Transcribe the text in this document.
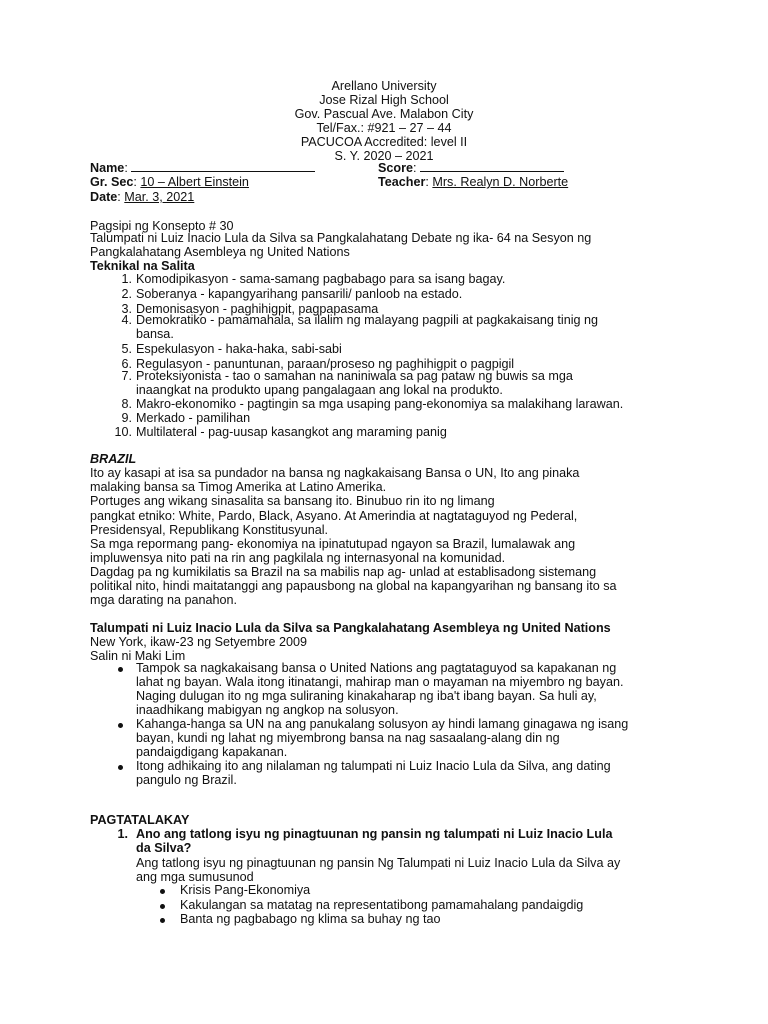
Arellano University
Jose Rizal High School
Gov. Pascual Ave. Malabon City
Tel/Fax.: #921 – 27 – 44
PACUCOA Accredited: level II
S. Y. 2020 – 2021
Name:	Score:
Gr. Sec: 10 – Albert Einstein	Teacher: Mrs. Realyn D. Norberte
Date: Mar. 3, 2021
Pagsipi ng Konsepto # 30
Talumpati ni Luiz Inacio Lula da Silva sa Pangkalahatang Debate ng ika- 64 na Sesyon ng
Pangkalahatang Asembleya ng United Nations
Teknikal na Salita
1. Komodipikasyon - sama-samang pagbabago para sa isang bagay.
2. Soberanya - kapangyarihang pansarili/ panloob na estado.
3. Demonisasyon - paghihigpit, pagpapasama
4. Demokratiko - pamamahala, sa ilalim ng malayang pagpili at pagkakaisang tinig ng
bansa.
5. Espekulasyon - haka-haka, sabi-sabi
6. Regulasyon - panuntunan, paraan/proseso ng paghihigpit o pagpigil
7. Proteksiyonista - tao o samahan na naniniwala sa pag pataw ng buwis sa mga
inaangkat na produkto upang pangalagaan ang lokal na produkto.
8. Makro-ekonomiko - pagtingin sa mga usaping pang-ekonomiya sa malakihang larawan.
9. Merkado - pamilihan
10. Multilateral - pag-uusap kasangkot ang maraming panig
BRAZIL
Ito ay kasapi at isa sa pundador na bansa ng nagkakaisang Bansa o UN, Ito ang pinaka
malaking bansa sa Timog Amerika at Latino Amerika.
Portuges ang wikang sinasalita sa bansang ito. Binubuo rin ito ng limang
pangkat etniko: White, Pardo, Black, Asyano. At Amerindia at nagtataguyod ng Pederal,
Presidensyal, Republikang Konstitusyunal.
Sa mga repormang pang- ekonomiya na ipinatutupad ngayon sa Brazil, lumalawak ang
impluwensya nito pati na rin ang pagkilala ng internasyonal na komunidad.
Dagdag pa ng kumikilatis sa Brazil na sa mabilis nap ag- unlad at establisadong sistemang
politikal nito, hindi maitatanggi ang papausbong na global na kapangyarihan ng bansang ito sa
mga darating na panahon.
Talumpati ni Luiz Inacio Lula da Silva sa Pangkalahatang Asembleya ng United Nations
New York, ikaw-23 ng Setyembre 2009
Salin ni Maki Lim
Tampok sa nagkakaisang bansa o United Nations ang pagtataguyod sa kapakanan ng
lahat ng bayan. Wala itong itinatangi, mahirap man o mayaman na miyembro ng bayan.
Naging dulugan ito ng mga suliraning kinakaharap ng iba't ibang bayan. Sa huli ay,
inaadhikang mabigyan ng angkop na solusyon.
Kahanga-hanga sa UN na ang panukalang solusyon ay hindi lamang ginagawa ng isang
bayan, kundi ng lahat ng miyembrong bansa na nag sasaalang-alang din ng
pandaigdigang kapakanan.
Itong adhikaing ito ang nilalaman ng talumpati ni Luiz Inacio Lula da Silva, ang dating
pangulo ng Brazil.
PAGTATALAKAY
1. Ano ang tatlong isyu ng pinagtuunan ng pansin ng talumpati ni Luiz Inacio Lula
da Silva?
Ang tatlong isyu ng pinagtuunan ng pansin Ng Talumpati ni Luiz Inacio Lula da Silva ay
ang mga sumusunod
Krisis Pang-Ekonomiya
Kakulangan sa matatag na representatibong pamamahalang pandaigdig
Banta ng pagbabago ng klima sa buhay ng tao
